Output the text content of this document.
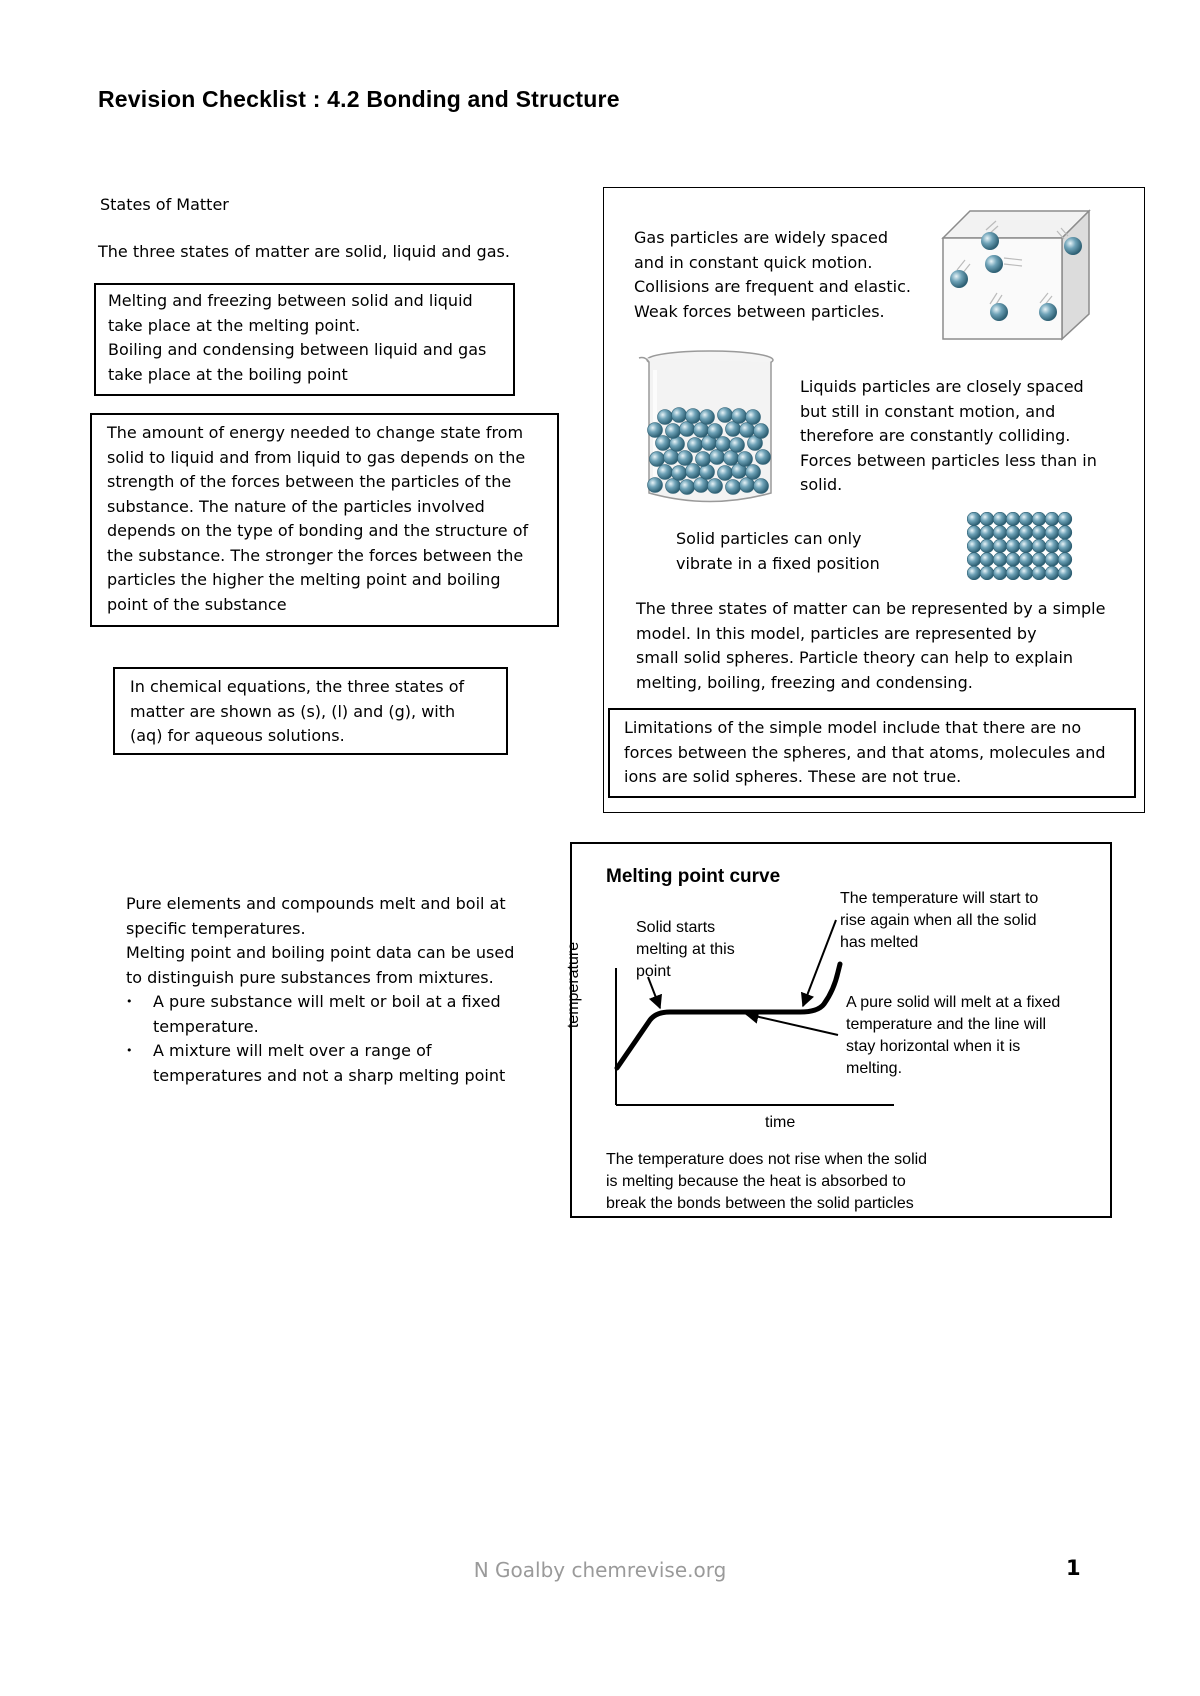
Revision Checklist : 4.2 Bonding and Structure
States of Matter
The three states of matter are solid, liquid and gas.
Melting and freezing between solid and liquid
take place at the melting point.
Boiling and condensing between liquid and gas
take place at the boiling point
The amount of energy needed to change state from
solid to liquid and from liquid to gas depends on the
strength of the forces between the particles of the
substance. The nature of the particles involved
depends on the type of bonding and the structure of
the substance. The stronger the forces between the
particles the higher the melting point and boiling
point of the substance
In chemical equations, the three states of
matter are shown as (s), (l) and (g), with
(aq) for aqueous solutions.
Gas particles are widely spaced
and in constant quick motion.
Collisions are frequent and elastic.
Weak forces between particles.
Liquids particles are closely spaced
but still in constant motion, and
therefore are constantly colliding.
Forces between particles less than in
solid.
Solid particles can only
vibrate in a fixed position
The three states of matter can be represented by a simple
model. In this model, particles are represented by
small solid spheres. Particle theory can help to explain
melting, boiling, freezing and condensing.
Limitations of the simple model include that there are no
forces between the spheres, and that atoms, molecules and
ions are solid spheres. These are not true.
Pure elements and compounds melt and boil at
specific temperatures.
Melting point and boiling point data can be used
to distinguish pure substances from mixtures.
• A pure substance will melt or boil at a fixed
temperature.
• A mixture will melt over a range of
temperatures and not a sharp melting point
Melting point curve
temperature
time
Solid starts
melting at this
point
The temperature will start to
rise again when all the solid
has melted
A pure solid will melt at a fixed
temperature and the line will
stay horizontal when it is
melting.
The temperature does not rise when the solid
is melting because the heat is absorbed to
break the bonds between the solid particles
N Goalby chemrevise.org	1
